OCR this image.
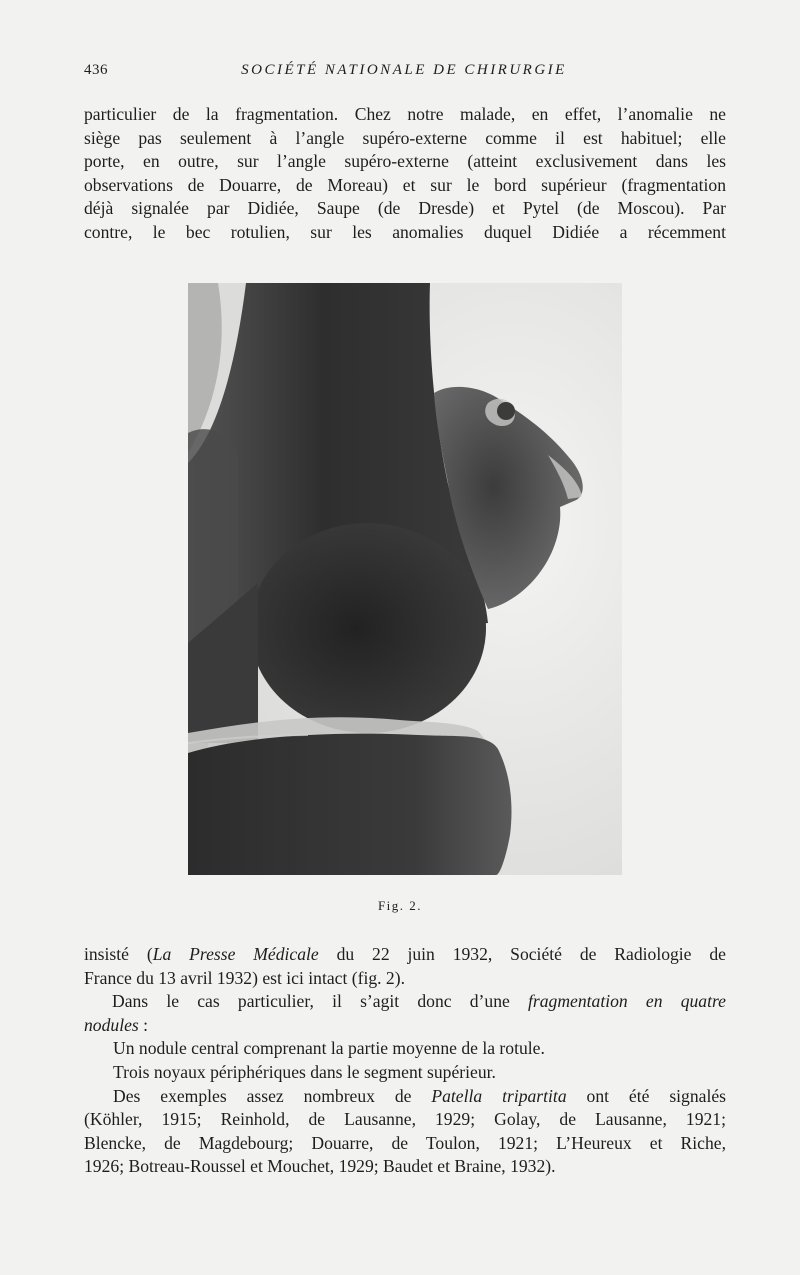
436	SOCIÉTÉ NATIONALE DE CHIRURGIE
particulier de la fragmentation. Chez notre malade, en effet, l’anomalie ne
siège pas seulement à l’angle supéro-externe comme il est habituel; elle
porte, en outre, sur l’angle supéro-externe (atteint exclusivement dans les
observations de Douarre, de Moreau) et sur le bord supérieur (fragmentation
déjà signalée par Didiée, Saupe (de Dresde) et Pytel (de Moscou). Par
contre, le bec rotulien, sur les anomalies duquel Didiée a récemment
Fig. 2.
insisté (La Presse Médicale du 22 juin 1932, Société de Radiologie de
France du 13 avril 1932) est ici intact (fig. 2).
Dans le cas particulier, il s’agit donc d’une fragmentation en quatre
nodules :
Un nodule central comprenant la partie moyenne de la rotule.
Trois noyaux périphériques dans le segment supérieur.
Des exemples assez nombreux de Patella tripartita ont été signalés
(Köhler, 1915; Reinhold, de Lausanne, 1929; Golay, de Lausanne, 1921;
Blencke, de Magdebourg; Douarre, de Toulon, 1921; L’Heureux et Riche,
1926; Botreau-Roussel et Mouchet, 1929; Baudet et Braine, 1932).
